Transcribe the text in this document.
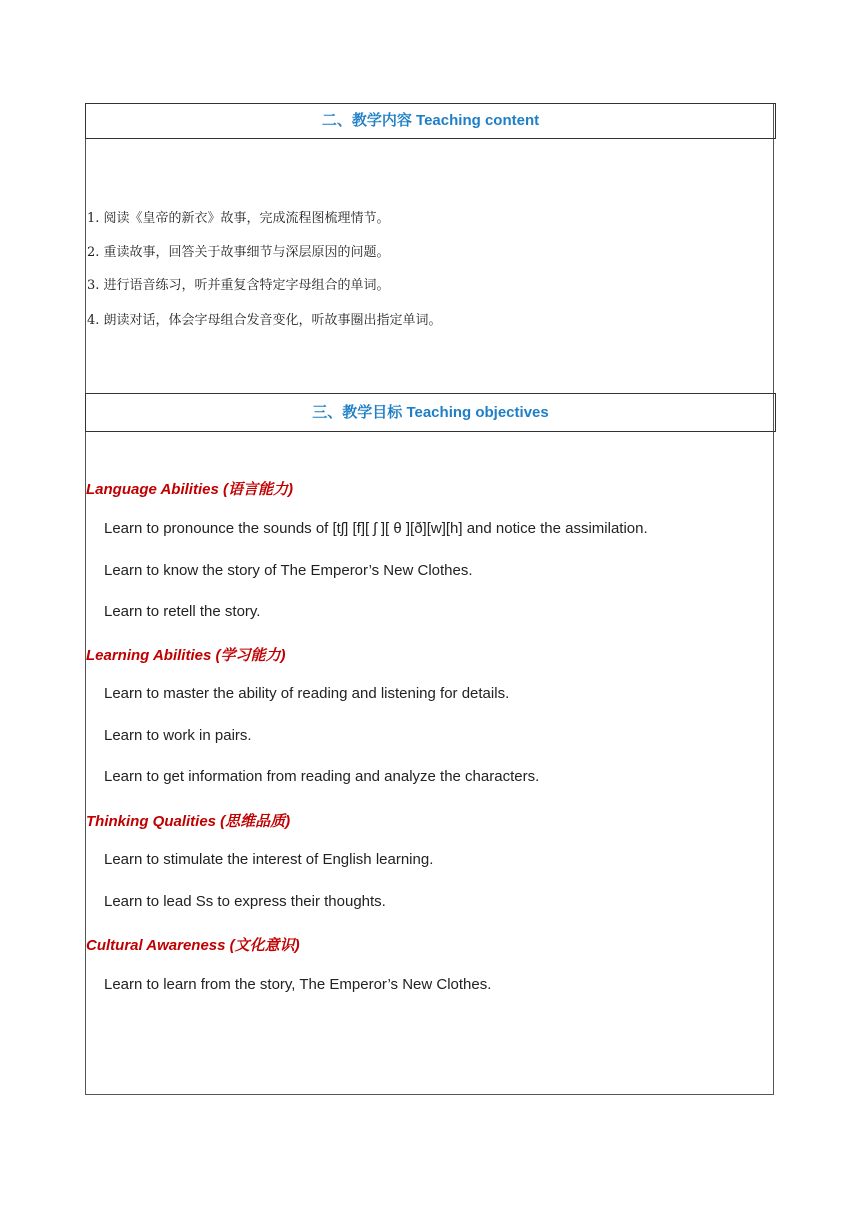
二、教学内容 Teaching content
1. 阅读《皇帝的新衣》故事，完成流程图梳理情节。
2. 重读故事，回答关于故事细节与深层原因的问题。
3. 进行语音练习，听并重复含特定字母组合的单词。
4. 朗读对话，体会字母组合发音变化，听故事圈出指定单词。
三、教学目标 Teaching objectives
Language Abilities (语言能力)
Learn to pronounce the sounds of [tʃ] [f][ ʃ ][ θ ][ð][w][h] and notice the assimilation.
Learn to know the story of The Emperor’s New Clothes.
Learn to retell the story.
Learning Abilities (学习能力)
Learn to master the ability of reading and listening for details.
Learn to work in pairs.
Learn to get information from reading and analyze the characters.
Thinking Qualities (思维品质)
Learn to stimulate the interest of English learning.
Learn to lead Ss to express their thoughts.
Cultural Awareness (文化意识)
Learn to learn from the story, The Emperor’s New Clothes.
